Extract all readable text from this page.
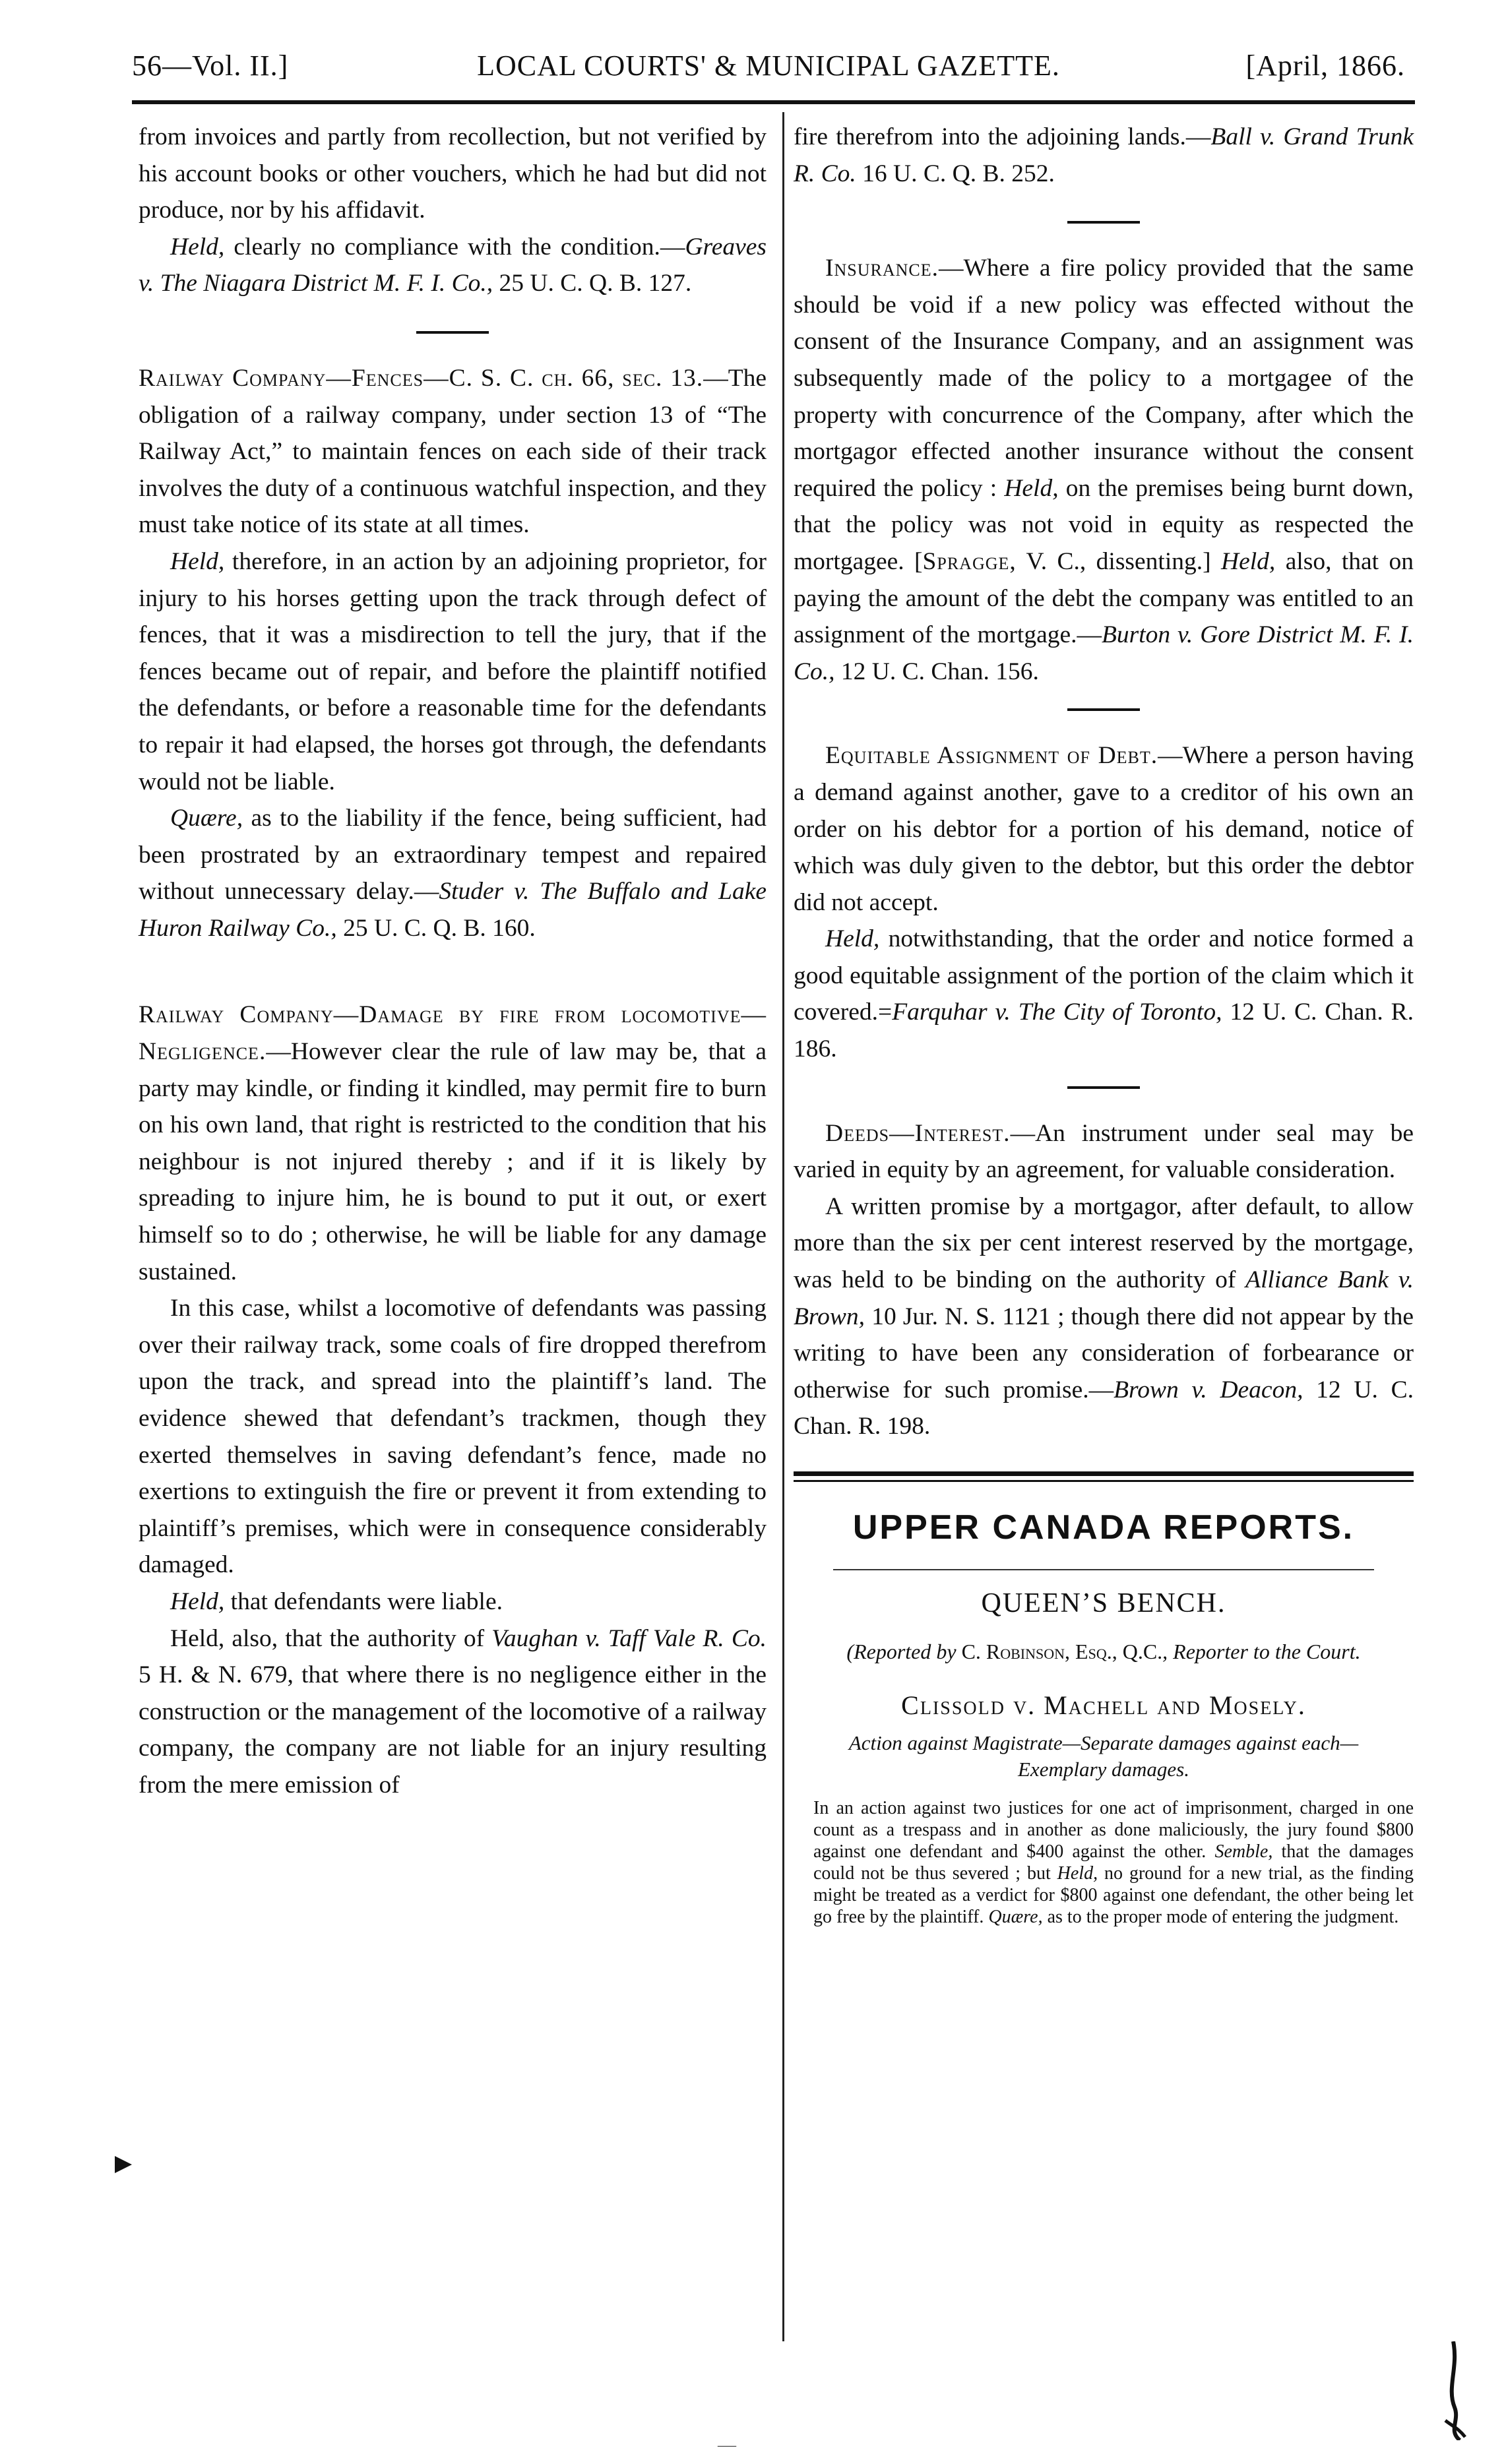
56—Vol. II.]	LOCAL COURTS' & MUNICIPAL GAZETTE.	[April, 1866.

from invoices and partly from recollection, but not verified by his account books or other vouchers, which he had but did not produce, nor by his affidavit.

Held, clearly no compliance with the condition.—Greaves v. The Niagara District M. F. I. Co., 25 U. C. Q. B. 127.

Railway Company—Fences—C. S. C. ch. 66, sec. 13.—The obligation of a railway company, under section 13 of “The Railway Act,” to maintain fences on each side of their track involves the duty of a continuous watchful inspection, and they must take notice of its state at all times.

Held, therefore, in an action by an adjoining proprietor, for injury to his horses getting upon the track through defect of fences, that it was a misdirection to tell the jury, that if the fences became out of repair, and before the plaintiff notified the defendants, or before a reasonable time for the defendants to repair it had elapsed, the horses got through, the defendants would not be liable.

Quære, as to the liability if the fence, being sufficient, had been prostrated by an extraordinary tempest and repaired without unnecessary delay.—Studer v. The Buffalo and Lake Huron Railway Co., 25 U. C. Q. B. 160.

Railway Company—Damage by fire from locomotive—Negligence.—However clear the rule of law may be, that a party may kindle, or finding it kindled, may permit fire to burn on his own land, that right is restricted to the condition that his neighbour is not injured thereby ; and if it is likely by spreading to injure him, he is bound to put it out, or exert himself so to do ; otherwise, he will be liable for any damage sustained.

In this case, whilst a locomotive of defendants was passing over their railway track, some coals of fire dropped therefrom upon the track, and spread into the plaintiff’s land. The evidence shewed that defendant’s trackmen, though they exerted themselves in saving defendant’s fence, made no exertions to extinguish the fire or prevent it from extending to plaintiff’s premises, which were in consequence considerably damaged.

Held, that defendants were liable.

Held, also, that the authority of Vaughan v. Taff Vale R. Co. 5 H. & N. 679, that where there is no negligence either in the construction or the management of the locomotive of a railway company, the company are not liable for an injury resulting from the mere emission of

fire therefrom into the adjoining lands.—Ball v. Grand Trunk R. Co. 16 U. C. Q. B. 252.

Insurance.—Where a fire policy provided that the same should be void if a new policy was effected without the consent of the Insurance Company, and an assignment was subsequently made of the policy to a mortgagee of the property with concurrence of the Company, after which the mortgagor effected another insurance without the consent required the policy : Held, on the premises being burnt down, that the policy was not void in equity as respected the mortgagee. [Spragge, V. C., dissenting.] Held, also, that on paying the amount of the debt the company was entitled to an assignment of the mortgage.—Burton v. Gore District M. F. I. Co., 12 U. C. Chan. 156.

Equitable Assignment of Debt.—Where a person having a demand against another, gave to a creditor of his own an order on his debtor for a portion of his demand, notice of which was duly given to the debtor, but this order the debtor did not accept.

Held, notwithstanding, that the order and notice formed a good equitable assignment of the portion of the claim which it covered.=Farquhar v. The City of Toronto, 12 U. C. Chan. R. 186.

Deeds—Interest.—An instrument under seal may be varied in equity by an agreement, for valuable consideration.

A written promise by a mortgagor, after default, to allow more than the six per cent interest reserved by the mortgage, was held to be binding on the authority of Alliance Bank v. Brown, 10 Jur. N. S. 1121 ; though there did not appear by the writing to have been any consideration of forbearance or otherwise for such promise.—Brown v. Deacon, 12 U. C. Chan. R. 198.

UPPER CANADA REPORTS.
QUEEN’S BENCH.
(Reported by C. Robinson, Esq., Q.C., Reporter to the Court.
Clissold v. Machell and Mosely.
Action against Magistrate—Separate damages against each—Exemplary damages.
In an action against two justices for one act of imprisonment, charged in one count as a trespass and in another as done maliciously, the jury found $800 against one defendant and $400 against the other. Semble, that the damages could not be thus severed ; but Held, no ground for a new trial, as the finding might be treated as a verdict for $800 against one defendant, the other being let go free by the plaintiff. Quære, as to the proper mode of entering the judgment.
—
